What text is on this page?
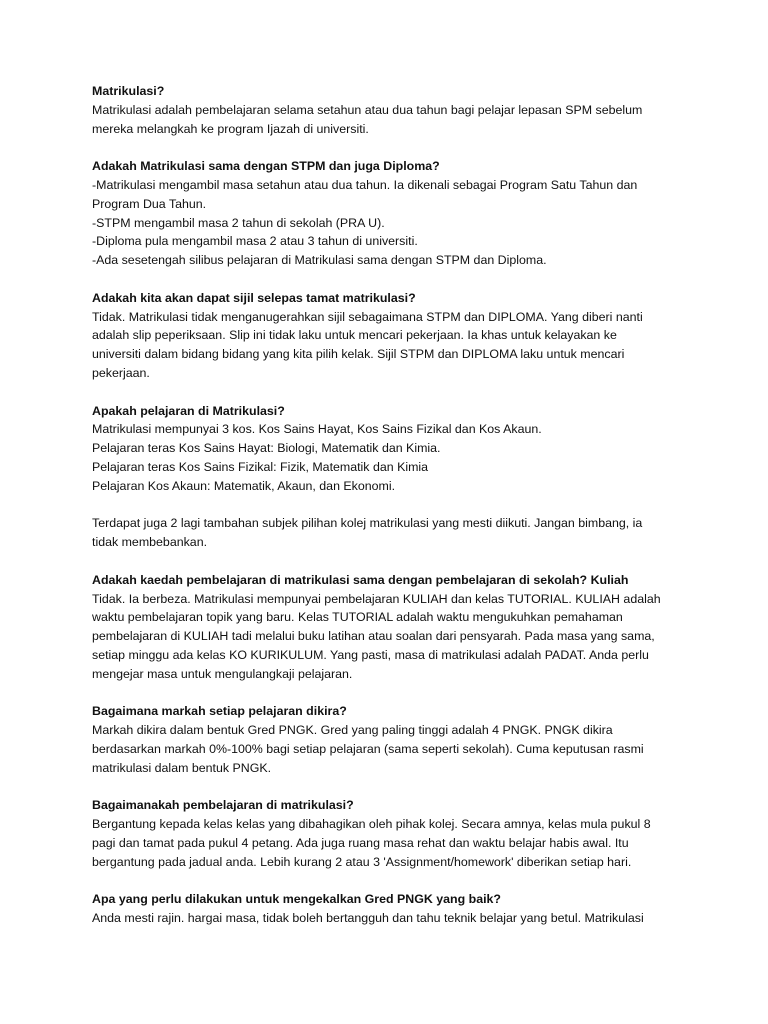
Matrikulasi?
Matrikulasi adalah pembelajaran selama setahun atau dua tahun bagi pelajar lepasan SPM sebelum
mereka melangkah ke program Ijazah di universiti.
Adakah Matrikulasi sama dengan STPM dan juga Diploma?
-Matrikulasi mengambil masa setahun atau dua tahun. Ia dikenali sebagai Program Satu Tahun dan
Program Dua Tahun.
-STPM mengambil masa 2 tahun di sekolah (PRA U).
-Diploma pula mengambil masa 2 atau 3 tahun di universiti.
-Ada sesetengah silibus pelajaran di Matrikulasi sama dengan STPM dan Diploma.
Adakah kita akan dapat sijil selepas tamat matrikulasi?
Tidak. Matrikulasi tidak menganugerahkan sijil sebagaimana STPM dan DIPLOMA. Yang diberi nanti
adalah slip peperiksaan. Slip ini tidak laku untuk mencari pekerjaan. Ia khas untuk kelayakan ke
universiti dalam bidang bidang yang kita pilih kelak. Sijil STPM dan DIPLOMA laku untuk mencari
pekerjaan.
Apakah pelajaran di Matrikulasi?
Matrikulasi mempunyai 3 kos. Kos Sains Hayat, Kos Sains Fizikal dan Kos Akaun.
Pelajaran teras Kos Sains Hayat: Biologi, Matematik dan Kimia.
Pelajaran teras Kos Sains Fizikal: Fizik, Matematik dan Kimia
Pelajaran Kos Akaun: Matematik, Akaun, dan Ekonomi.
Terdapat juga 2 lagi tambahan subjek pilihan kolej matrikulasi yang mesti diikuti. Jangan bimbang, ia
tidak membebankan.
Adakah kaedah pembelajaran di matrikulasi sama dengan pembelajaran di sekolah? Kuliah
Tidak. Ia berbeza. Matrikulasi mempunyai pembelajaran KULIAH dan kelas TUTORIAL. KULIAH adalah
waktu pembelajaran topik yang baru. Kelas TUTORIAL adalah waktu mengukuhkan pemahaman
pembelajaran di KULIAH tadi melalui buku latihan atau soalan dari pensyarah. Pada masa yang sama,
setiap minggu ada kelas KO KURIKULUM. Yang pasti, masa di matrikulasi adalah PADAT. Anda perlu
mengejar masa untuk mengulangkaji pelajaran.
Bagaimana markah setiap pelajaran dikira?
Markah dikira dalam bentuk Gred PNGK. Gred yang paling tinggi adalah 4 PNGK. PNGK dikira
berdasarkan markah 0%-100% bagi setiap pelajaran (sama seperti sekolah). Cuma keputusan rasmi
matrikulasi dalam bentuk PNGK.
Bagaimanakah pembelajaran di matrikulasi?
Bergantung kepada kelas kelas yang dibahagikan oleh pihak kolej. Secara amnya, kelas mula pukul 8
pagi dan tamat pada pukul 4 petang. Ada juga ruang masa rehat dan waktu belajar habis awal. Itu
bergantung pada jadual anda. Lebih kurang 2 atau 3 'Assignment/homework' diberikan setiap hari.
Apa yang perlu dilakukan untuk mengekalkan Gred PNGK yang baik?
Anda mesti rajin. hargai masa, tidak boleh bertangguh dan tahu teknik belajar yang betul. Matrikulasi
